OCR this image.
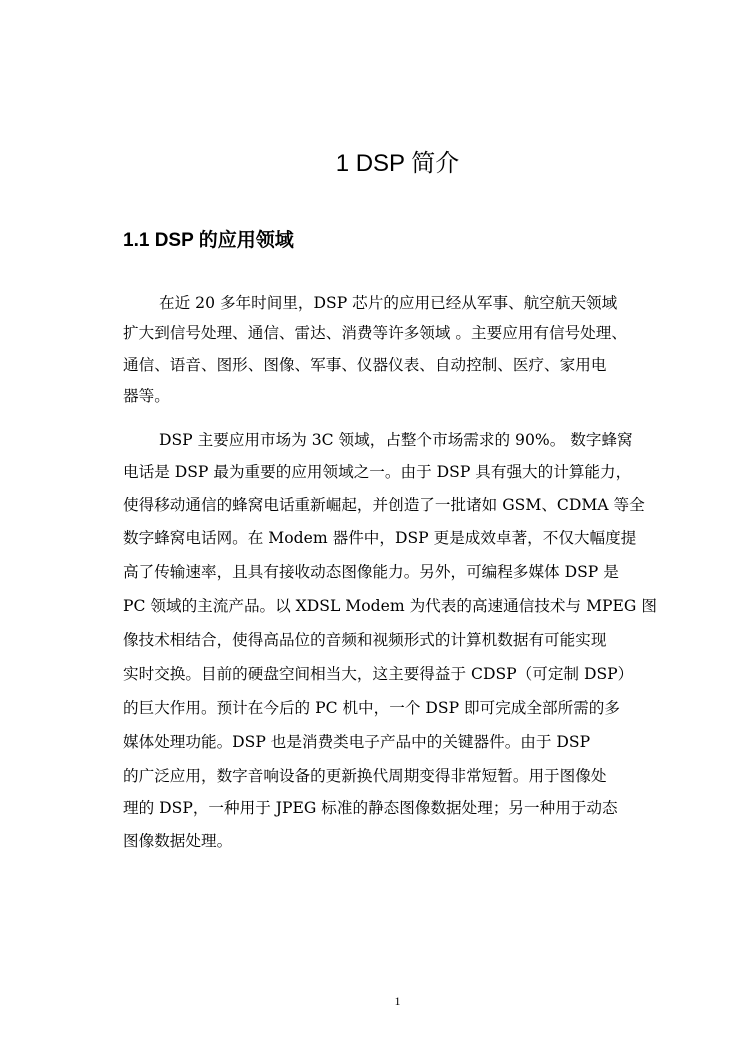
1 DSP 简介
1.1 DSP 的应用领域

在近 20 多年时间里，DSP 芯片的应用已经从军事、航空航天领域

扩大到信号处理、通信、雷达、消费等许多领域 。主要应用有信号处理、

通信、语音、图形、图像、军事、仪器仪表、自动控制、医疗、家用电

器等。

DSP 主要应用市场为 3C 领域，占整个市场需求的 90%。 数字蜂窝

电话是 DSP 最为重要的应用领域之一。由于 DSP 具有强大的计算能力，

使得移动通信的蜂窝电话重新崛起，并创造了一批诸如 GSM、CDMA 等全

数字蜂窝电话网。在 Modem 器件中，DSP 更是成效卓著，不仅大幅度提

高了传输速率，且具有接收动态图像能力。另外，可编程多媒体 DSP 是

PC 领域的主流产品。以 XDSL Modem 为代表的高速通信技术与 MPEG 图

像技术相结合，使得高品位的音频和视频形式的计算机数据有可能实现

实时交换。目前的硬盘空间相当大，这主要得益于 CDSP（可定制 DSP）

的巨大作用。预计在今后的 PC 机中，一个 DSP 即可完成全部所需的多

媒体处理功能。DSP 也是消费类电子产品中的关键器件。由于 DSP

的广泛应用，数字音响设备的更新换代周期变得非常短暂。用于图像处

理的 DSP，一种用于 JPEG 标准的静态图像数据处理；另一种用于动态

图像数据处理。

1
